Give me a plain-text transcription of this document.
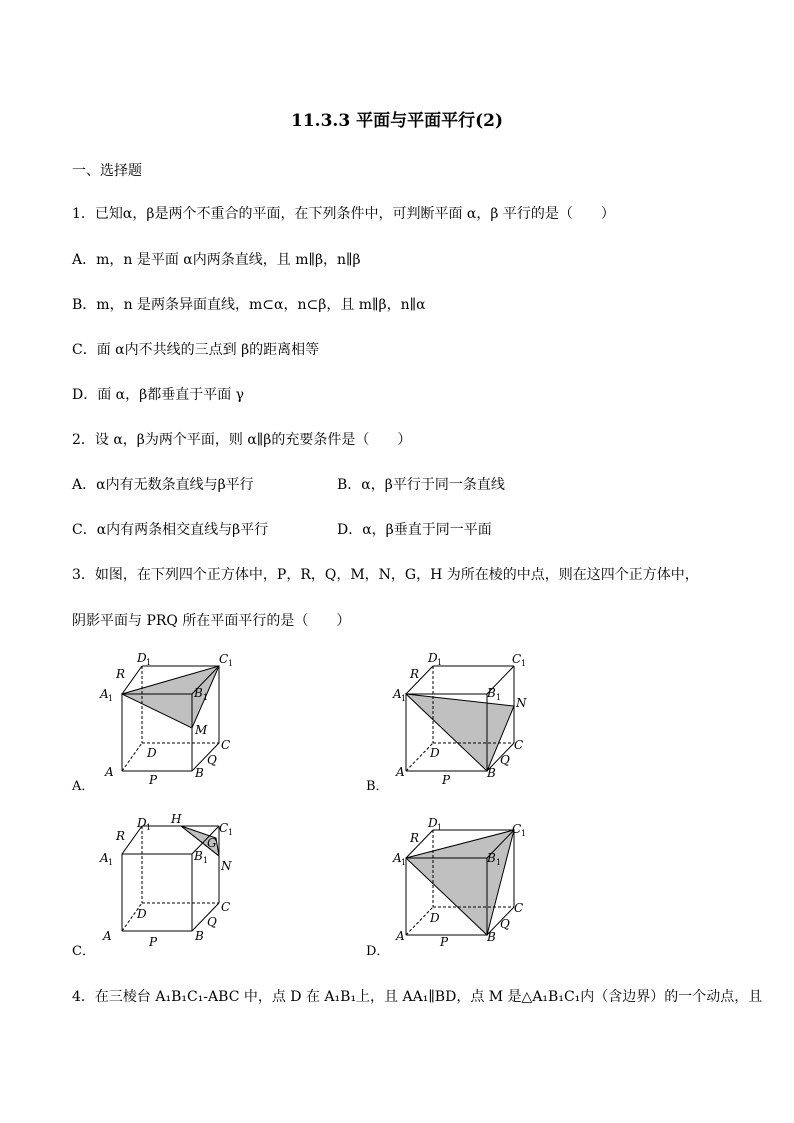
11.3.3 平面与平面平行(2)
一、选择题
1．已知α，β是两个不重合的平面，在下列条件中，可判断平面 α，β 平行的是（　　）
A．m，n 是平面 α内两条直线，且 m∥β，n∥β
B．m，n 是两条异面直线，m⊂α，n⊂β，且 m∥β，n∥α
C．面 α内不共线的三点到 β的距离相等
D．面 α，β都垂直于平面 γ
2．设 α，β为两个平面，则 α∥β的充要条件是（　　）
A．α内有无数条直线与β平行	B．α，β平行于同一条直线
C．α内有两条相交直线与β平行	D．α，β垂直于同一平面
3．如图，在下列四个正方体中，P，R，Q，M，N，G，H 为所在棱的中点，则在这四个正方体中，
阴影平面与 PRQ 所在平面平行的是（　　）
D 1	C 1
R
A 1	B 1
M
D
C
Q
B
P
A
A．
D 1	C 1
R
A 1	B 1 N
D
C
Q
B
P
A
B．
D 1
H
C 1
G
R
A 1	B 1 N
D	C
Q
B
P
A
C．
D 1	C 1
R
A 1	B 1
D
C
Q
B
P
A
D．
4．在三棱台 A₁B₁C₁-ABC 中，点 D 在 A₁B₁上，且 AA₁∥BD，点 M 是△A₁B₁C₁内（含边界）的一个动点，且
